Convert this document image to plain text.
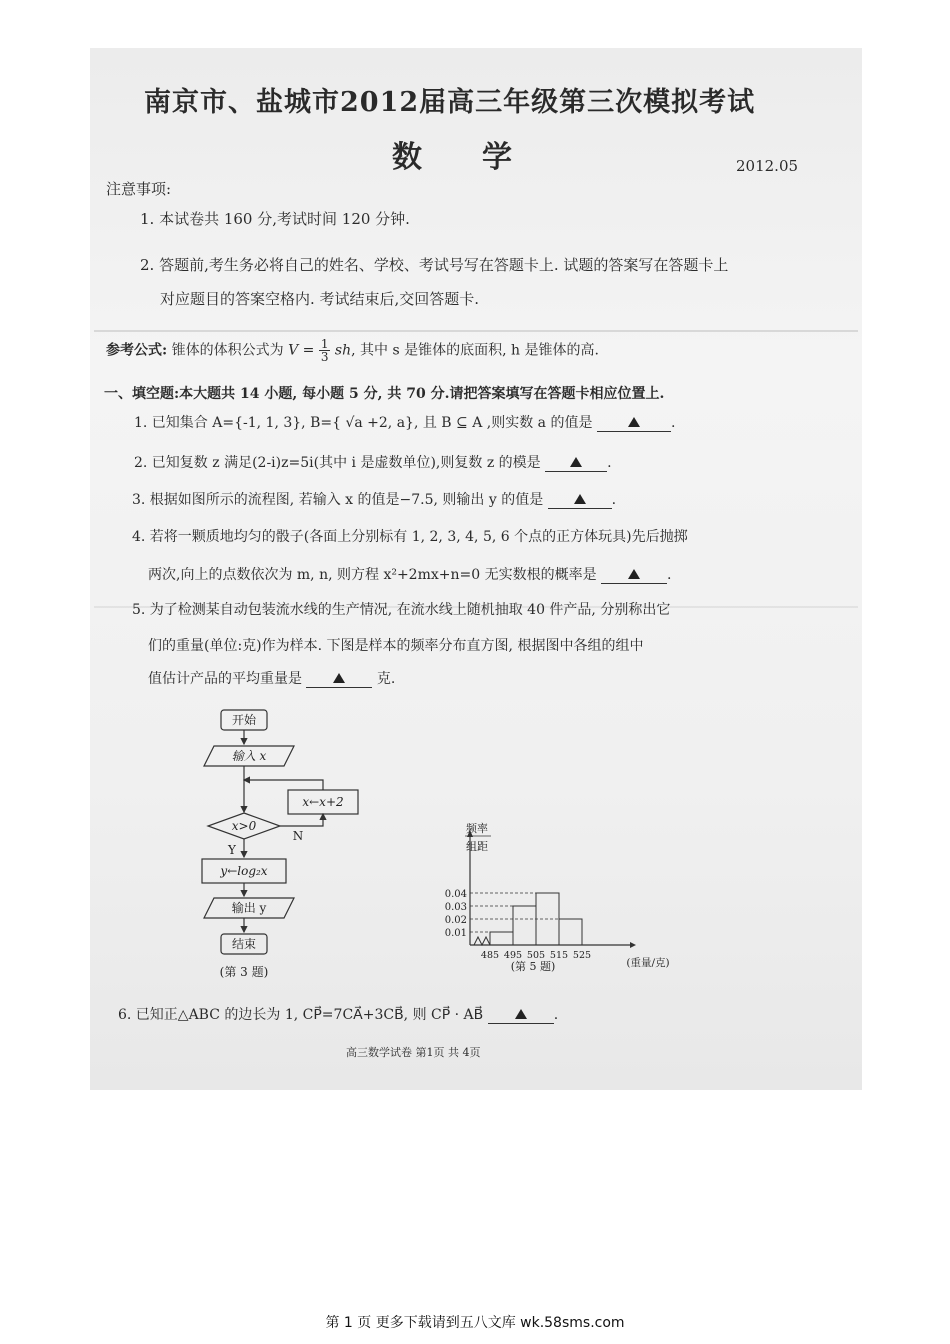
南京市、盐城市2012届高三年级第三次模拟考试
数　　学	2012.05
注意事项:
1. 本试卷共 160 分,考试时间 120 分钟.
2. 答题前,考生务必将自己的姓名、学校、考试号写在答题卡上. 试题的答案写在答题卡上
对应题目的答案空格内. 考试结束后,交回答题卡.
参考公式: 锥体的体积公式为 $V = \frac{1}{3}$ sh, 其中 s 是锥体的底面积, h 是锥体的高.
一、填空题:本大题共 14 小题, 每小题 5 分, 共 70 分.请把答案填写在答题卡相应位置上.
1. 已知集合 A={-1, 1, 3}, B={ √a +2, a}, 且 B ⊆ A ,则实数 a 的值是	.
2. 已知复数 z 满足(2-i)z=5i(其中 i 是虚数单位),则复数 z 的模是	.
3. 根据如图所示的流程图, 若输入 x 的值是−7.5, 则输出 y 的值是	.
4. 若将一颗质地均匀的骰子(各面上分别标有 1, 2, 3, 4, 5, 6 个点的正方体玩具)先后抛掷
两次,向上的点数依次为 m, n, 则方程 x²+2mx+n=0 无实数根的概率是	.
5. 为了检测某自动包装流水线的生产情况, 在流水线上随机抽取 40 件产品, 分别称出它
们的重量(单位:克)作为样本. 下图是样本的频率分布直方图, 根据图中各组的组中
值估计产品的平均重量是	克.
开始
输入 x
x←x+2
x>0
N
Y
y←log₂x
输出 y
结束
(第 3 题)
频率
组距
0.01
0.02
0.03
0.04
485 495 505 515 525
(重量/克)
(第 5 题)
6. 已知正△ABC 的边长为 1, CP⃗=7CA⃗+3CB⃗, 则 CP⃗ · AB⃗	.
高三数学试卷 第1页 共 4页
第 1 页 更多下载请到五八文库 wk.58sms.com
